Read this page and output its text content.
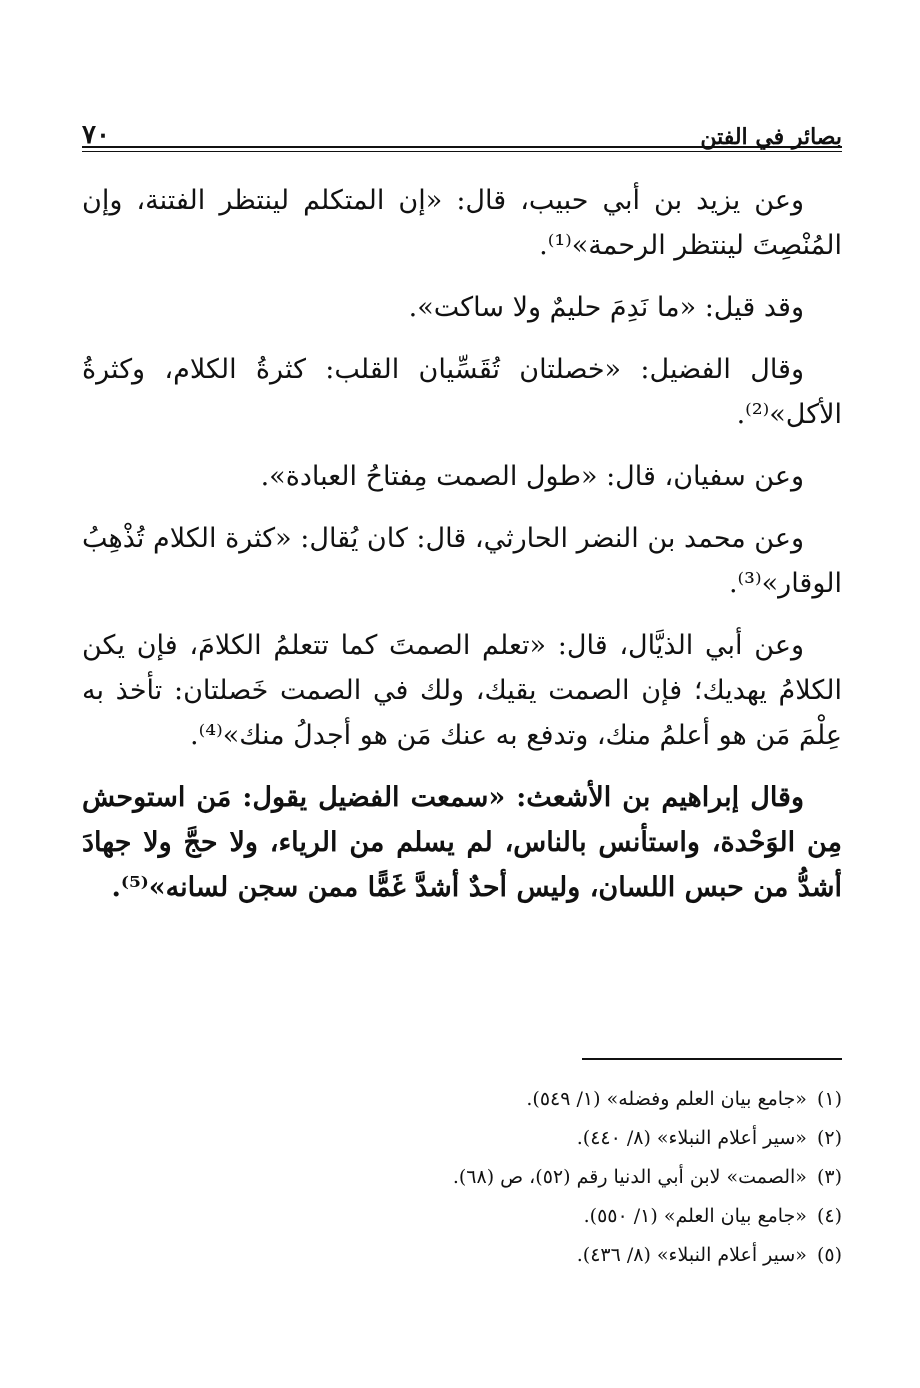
بصائر في الفتن
٧٠

وعن يزيد بن أبي حبيب، قال: «إن المتكلم لينتظر الفتنة، وإن المُنْصِتَ لينتظر الرحمة»⁽¹⁾.

وقد قيل: «ما نَدِمَ حليمٌ ولا ساكت».

وقال الفضيل: «خصلتان تُقَسِّيان القلب: كثرةُ الكلام، وكثرةُ الأكل»⁽²⁾.

وعن سفيان، قال: «طول الصمت مِفتاحُ العبادة».

وعن محمد بن النضر الحارثي، قال: كان يُقال: «كثرة الكلام تُذْهِبُ الوقار»⁽³⁾.

وعن أبي الذيَّال، قال: «تعلم الصمتَ كما تتعلمُ الكلامَ، فإن يكن الكلامُ يهديك؛ فإن الصمت يقيك، ولك في الصمت خَصلتان: تأخذ به عِلْمَ مَن هو أعلمُ منك، وتدفع به عنك مَن هو أجدلُ منك»⁽⁴⁾.

وقال إبراهيم بن الأشعث: «سمعت الفضيل يقول: مَن استوحش مِن الوَحْدة، واستأنس بالناس، لم يسلم من الرياء، ولا حجَّ ولا جهادَ أشدُّ من حبس اللسان، وليس أحدٌ أشدَّ غَمًّا ممن سجن لسانه»⁽⁵⁾.

(١)«جامع بيان العلم وفضله» (١/ ٥٤٩).

(٢)«سير أعلام النبلاء» (٨/ ٤٤٠).

(٣)«الصمت» لابن أبي الدنيا رقم (٥٢)، ص (٦٨).

(٤)«جامع بيان العلم» (١/ ٥٥٠).

(٥)«سير أعلام النبلاء» (٨/ ٤٣٦).
